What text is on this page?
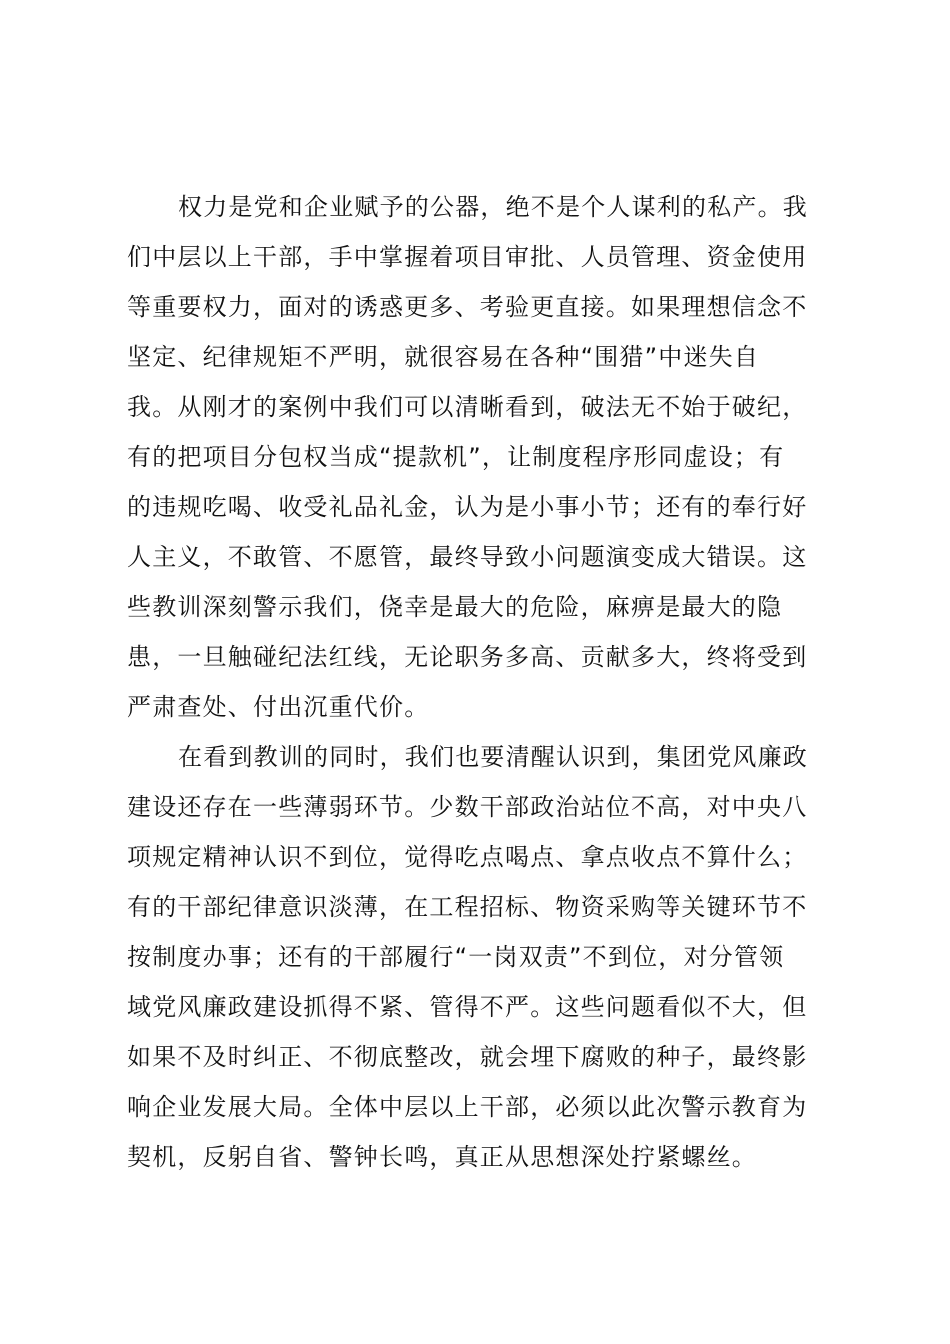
权力是党和企业赋予的公器，绝不是个人谋利的私产。我
们中层以上干部，手中掌握着项目审批、人员管理、资金使用
等重要权力，面对的诱惑更多、考验更直接。如果理想信念不
坚定、纪律规矩不严明，就很容易在各种“围猎”中迷失自
我。从刚才的案例中我们可以清晰看到，破法无不始于破纪，
有的把项目分包权当成“提款机”，让制度程序形同虚设；有
的违规吃喝、收受礼品礼金，认为是小事小节；还有的奉行好
人主义，不敢管、不愿管，最终导致小问题演变成大错误。这
些教训深刻警示我们，侥幸是最大的危险，麻痹是最大的隐
患，一旦触碰纪法红线，无论职务多高、贡献多大，终将受到
严肃查处、付出沉重代价。
在看到教训的同时，我们也要清醒认识到，集团党风廉政
建设还存在一些薄弱环节。少数干部政治站位不高，对中央八
项规定精神认识不到位，觉得吃点喝点、拿点收点不算什么；
有的干部纪律意识淡薄，在工程招标、物资采购等关键环节不
按制度办事；还有的干部履行“一岗双责”不到位，对分管领
域党风廉政建设抓得不紧、管得不严。这些问题看似不大，但
如果不及时纠正、不彻底整改，就会埋下腐败的种子，最终影
响企业发展大局。全体中层以上干部，必须以此次警示教育为
契机，反躬自省、警钟长鸣，真正从思想深处拧紧螺丝。
